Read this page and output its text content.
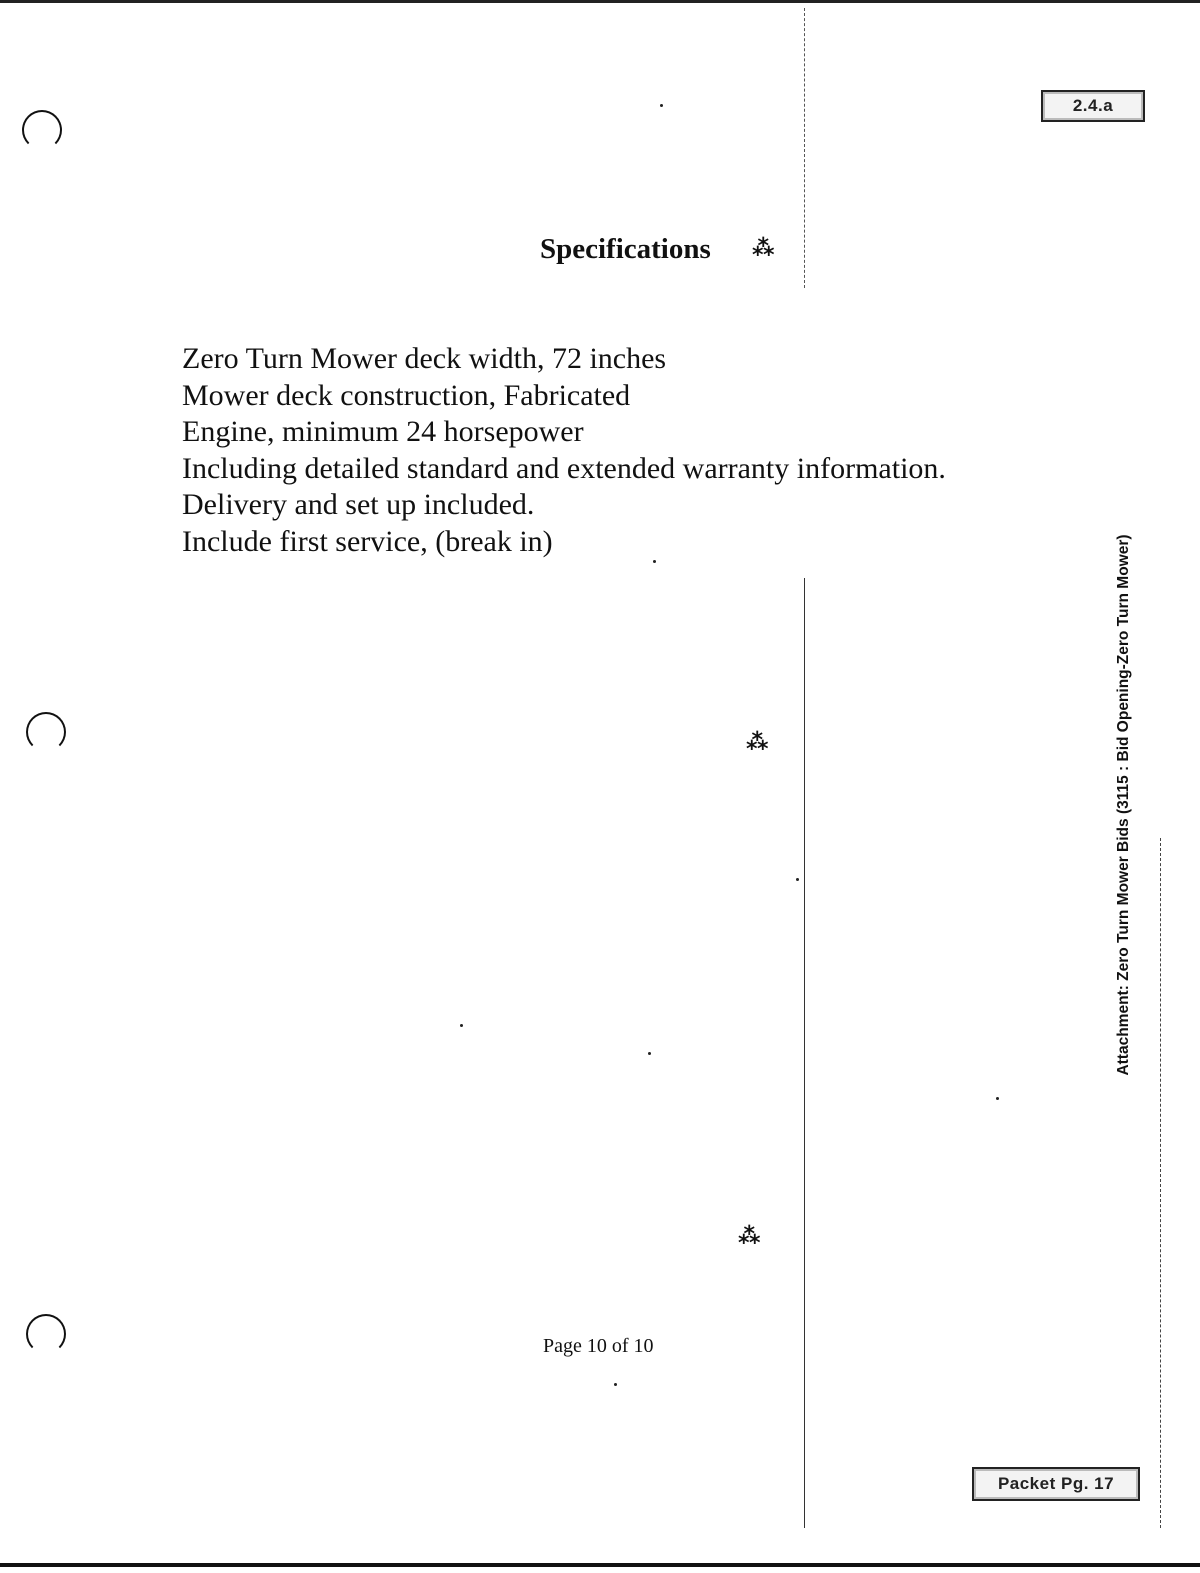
2.4.a
Packet Pg. 17
Specifications
Zero Turn Mower deck width, 72 inches
Mower deck construction, Fabricated
Engine, minimum 24 horsepower
Including detailed standard and extended warranty information.
Delivery and set up included.
Include first service, (break in)
Page 10 of 10
Attachment: Zero Turn Mower Bids (3115 : Bid Opening-Zero Turn Mower)
⁂
⁂
⁂
